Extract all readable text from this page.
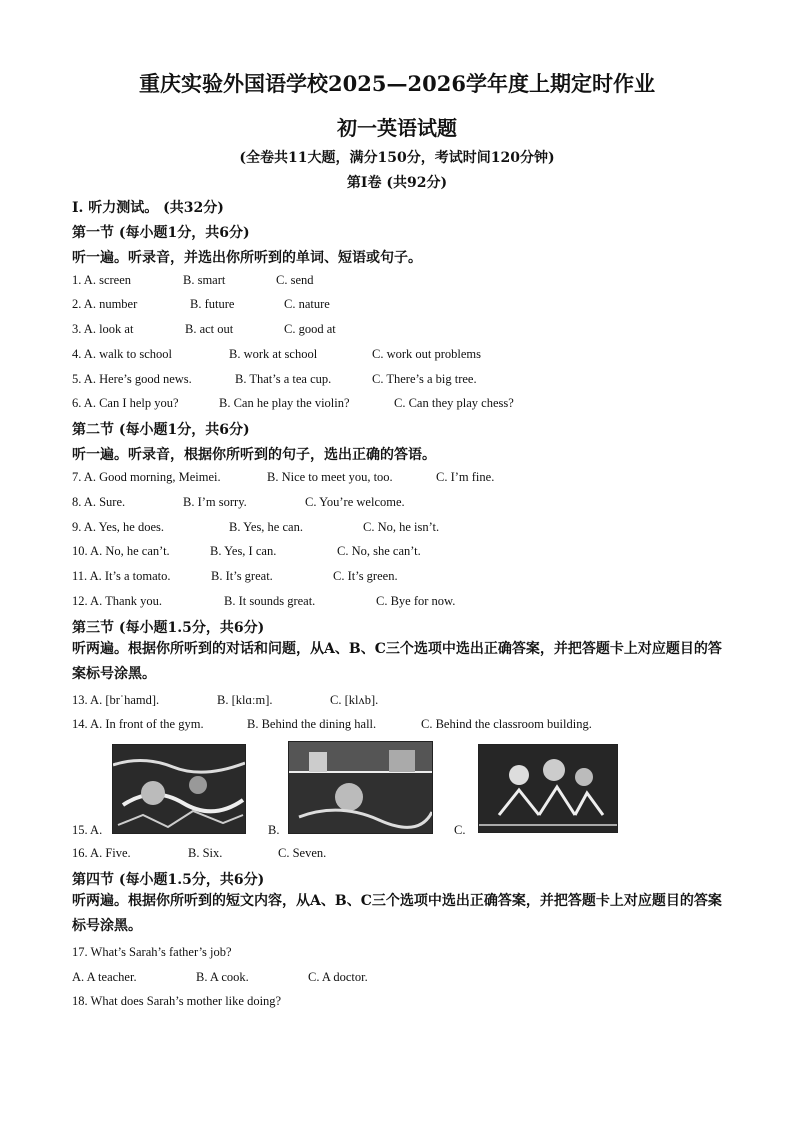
重庆实验外国语学校2025—2026学年度上期定时作业
初一英语试题
(全卷共11大题，满分150分，考试时间120分钟)
第Ⅰ卷 (共92分)
I. 听力测试。 (共32分)
第一节 (每小题1分，共6分)
听一遍。听录音，并选出你所听到的单词、短语或句子。
1. A. screen	B. smart	C. send
2. A. number	B. future	C. nature
3. A. look at	B. act out	C. good at
4. A. walk to school	B. work at school	C. work out problems
5. A. Here’s good news.	B. That’s a tea cup.	C. There’s a big tree.
6. A. Can I help you?	B. Can he play the violin?	C. Can they play chess?
第二节 (每小题1分，共6分)
听一遍。听录音，根据你所听到的句子，选出正确的答语。
7. A. Good morning, Meimei.	B. Nice to meet you, too.	C. I’m fine.
8. A. Sure.	B. I’m sorry.	C. You’re welcome.
9. A. Yes, he does.	B. Yes, he can.	C. No, he isn’t.
10. A. No, he can’t.	B. Yes, I can.	C. No, she can’t.
11. A. It’s a tomato.	B. It’s great.	C. It’s green.
12. A. Thank you.	B. It sounds great.	C. Bye for now.
第三节 (每小题1.5分，共6分)
听两遍。根据你所听到的对话和问题，从A、B、C三个选项中选出正确答案，并把答题卡上对应题目的答案标号涂黑。
13. A. [brˈhamd].	B. [klɑːm].	C. [klʌb].
14. A. In front of the gym.	B. Behind the dining hall.	C. Behind the classroom building.
15. A.	B.	C.
16. A. Five.	B. Six.	C. Seven.
第四节 (每小题1.5分，共6分)
听两遍。根据你所听到的短文内容，从A、B、C三个选项中选出正确答案，并把答题卡上对应题目的答案标号涂黑。
17. What’s Sarah’s father’s job?
A. A teacher.	B. A cook.	C. A doctor.
18. What does Sarah’s mother like doing?
